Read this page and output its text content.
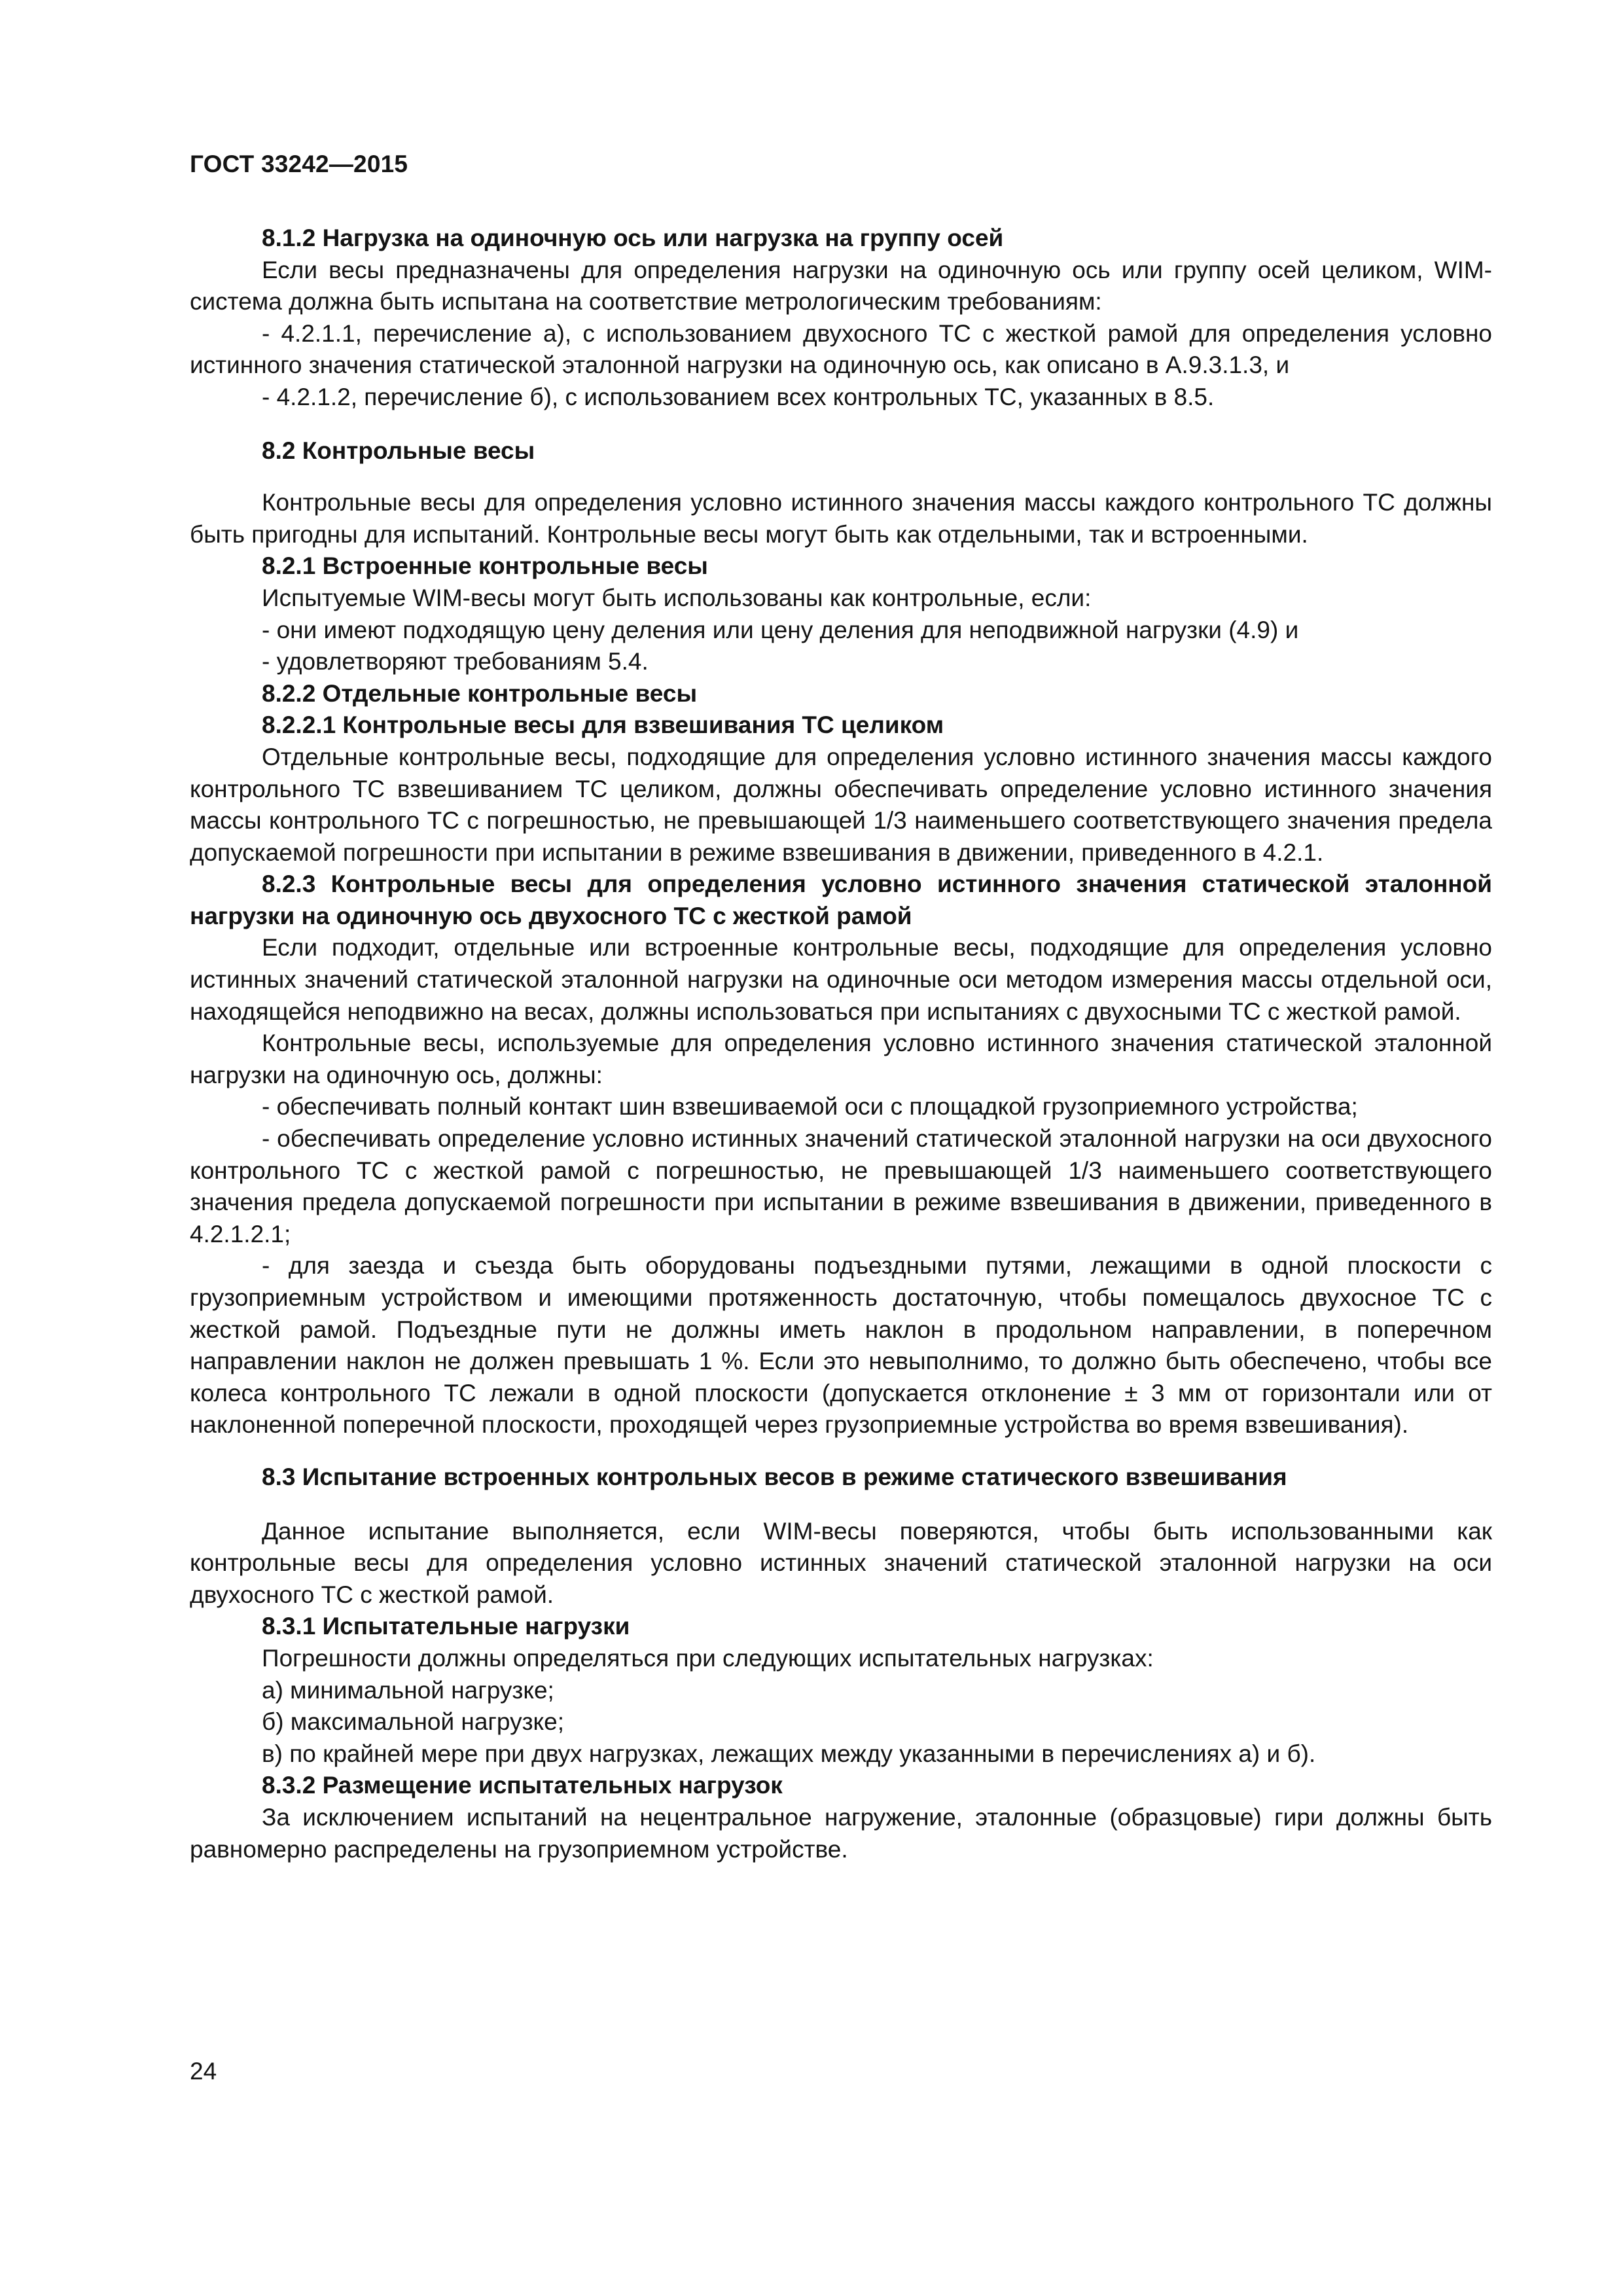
ГОСТ 33242—2015

8.1.2 Нагрузка на одиночную ось или нагрузка на группу осей

Если весы предназначены для определения нагрузки на одиночную ось или группу осей целиком, WIM-система должна быть испытана на соответствие метрологическим требованиям:

- 4.2.1.1, перечисление а), с использованием двухосного ТС с жесткой рамой для определения условно истинного значения статической эталонной нагрузки на одиночную ось, как описано в А.9.3.1.3, и

- 4.2.1.2, перечисление б), с использованием всех контрольных ТС, указанных в 8.5.

8.2 Контрольные весы

Контрольные весы для определения условно истинного значения массы каждого контрольного ТС должны быть пригодны для испытаний. Контрольные весы могут быть как отдельными, так и встроенными.

8.2.1 Встроенные контрольные весы

Испытуемые WIM-весы могут быть использованы как контрольные, если:

- они имеют подходящую цену деления или цену деления для неподвижной нагрузки (4.9) и

- удовлетворяют требованиям 5.4.

8.2.2 Отдельные контрольные весы

8.2.2.1 Контрольные весы для взвешивания ТС целиком

Отдельные контрольные весы, подходящие для определения условно истинного значения массы каждого контрольного ТС взвешиванием ТС целиком, должны обеспечивать определение условно истинного значения массы контрольного ТС с погрешностью, не превышающей 1/3 наименьшего соответствующего значения предела допускаемой погрешности при испытании в режиме взвешивания в движении, приведенного в 4.2.1.

8.2.3 Контрольные весы для определения условно истинного значения статической эталонной нагрузки на одиночную ось двухосного ТС с жесткой рамой

Если подходит, отдельные или встроенные контрольные весы, подходящие для определения условно истинных значений статической эталонной нагрузки на одиночные оси методом измерения массы отдельной оси, находящейся неподвижно на весах, должны использоваться при испытаниях с двухосными ТС с жесткой рамой.

Контрольные весы, используемые для определения условно истинного значения статической эталонной нагрузки на одиночную ось, должны:

- обеспечивать полный контакт шин взвешиваемой оси с площадкой грузоприемного устройства;

- обеспечивать определение условно истинных значений статической эталонной нагрузки на оси двухосного контрольного ТС с жесткой рамой с погрешностью, не превышающей 1/3 наименьшего соответствующего значения предела допускаемой погрешности при испытании в режиме взвешивания в движении, приведенного в 4.2.1.2.1;

- для заезда и съезда быть оборудованы подъездными путями, лежащими в одной плоскости с грузоприемным устройством и имеющими протяженность достаточную, чтобы помещалось двухосное ТС с жесткой рамой. Подъездные пути не должны иметь наклон в продольном направлении, в поперечном направлении наклон не должен превышать 1 %. Если это невыполнимо, то должно быть обеспечено, чтобы все колеса контрольного ТС лежали в одной плоскости (допускается отклонение ± 3 мм от горизонтали или от наклоненной поперечной плоскости, проходящей через грузоприемные устройства во время взвешивания).

8.3 Испытание встроенных контрольных весов в режиме статического взвешивания

Данное испытание выполняется, если WIM-весы поверяются, чтобы быть использованными как контрольные весы для определения условно истинных значений статической эталонной нагрузки на оси двухосного ТС с жесткой рамой.

8.3.1 Испытательные нагрузки

Погрешности должны определяться при следующих испытательных нагрузках:

а) минимальной нагрузке;

б) максимальной нагрузке;

в) по крайней мере при двух нагрузках, лежащих между указанными в перечислениях а) и б).

8.3.2 Размещение испытательных нагрузок

За исключением испытаний на нецентральное нагружение, эталонные (образцовые) гири должны быть равномерно распределены на грузоприемном устройстве.

24
